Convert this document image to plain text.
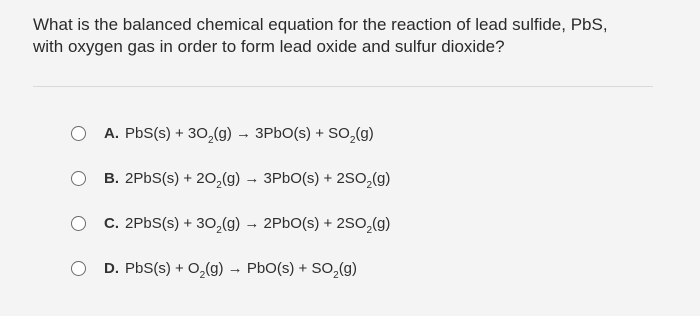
What is the balanced chemical equation for the reaction of lead sulfide, PbS,
with oxygen gas in order to form lead oxide and sulfur dioxide?
A. $PbS(s) + 3O_2(g) \to 3PbO(s) + SO_2(g)$
B. $2PbS(s) + 2O_2(g) \to 3PbO(s) + 2SO_2(g)$
C. $2PbS(s) + 3O_2(g) \to 2PbO(s) + 2SO_2(g)$
D. $PbS(s) + O_2(g) \to PbO(s) + SO_2(g)$
